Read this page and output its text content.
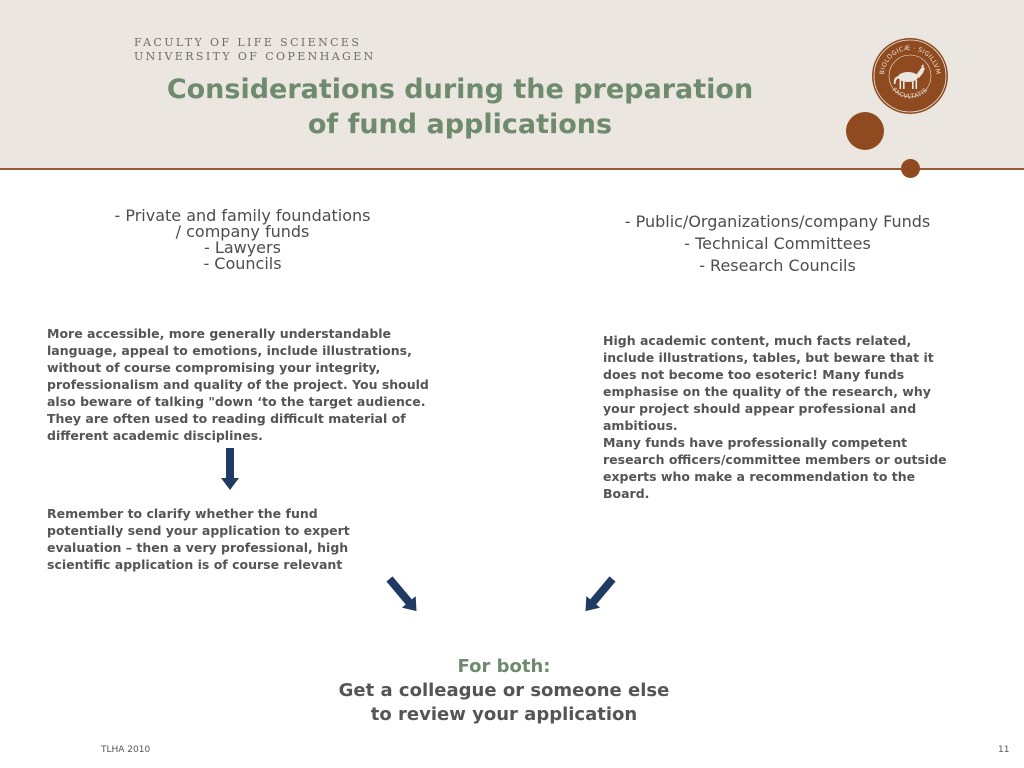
FACULTY OF LIFE SCIENCES
UNIVERSITY OF COPENHAGEN
Considerations during the preparation
of fund applications
BIOLOGICÆ · SIGILLVM
FACVLTATIS
- Private and family foundations
/ company funds
- Lawyers
- Councils
- Public/Organizations/company Funds
- Technical Committees
- Research Councils
More accessible, more generally understandable
language, appeal to emotions, include illustrations,
without of course compromising your integrity,
professionalism and quality of the project. You should
also beware of talking "down ‘to the target audience.
They are often used to reading difficult material of
different academic disciplines.
Remember to clarify whether the fund
potentially send your application to expert
evaluation – then a very professional, high
scientific application is of course relevant
High academic content, much facts related,
include illustrations, tables, but beware that it
does not become too esoteric! Many funds
emphasise on the quality of the research, why
your project should appear professional and
ambitious.
Many funds have professionally competent
research officers/committee members or outside
experts who make a recommendation to the
Board.
For both:
Get a colleague or someone else
to review your application
TLHA 2010	11
